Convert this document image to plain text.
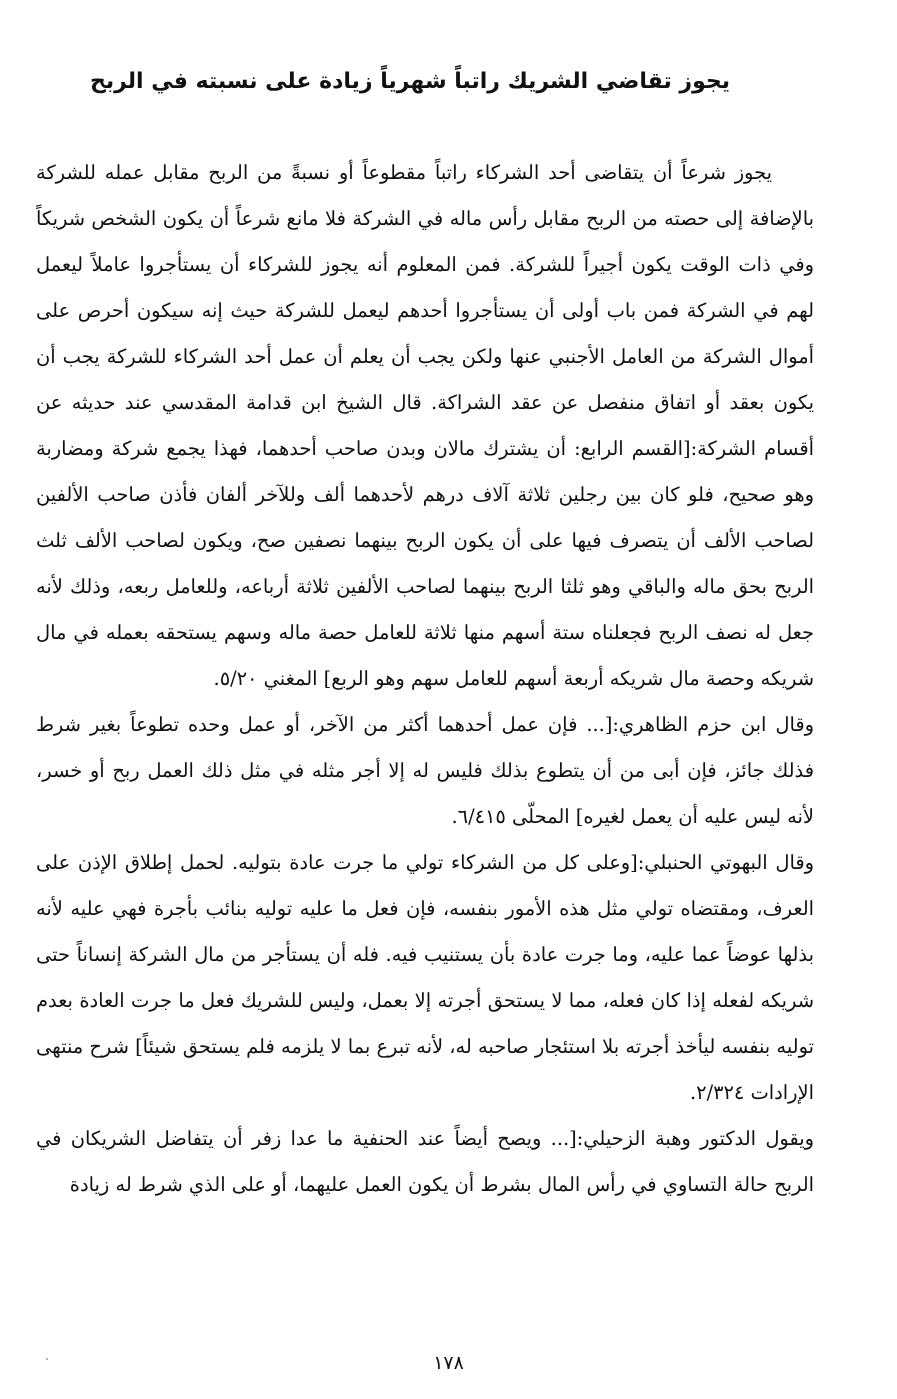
يجوز تقاضي الشريك راتباً شهرياً زيادة على نسبته في الربح

يجوز شرعاً أن يتقاضى أحد الشركاء راتباً مقطوعاً أو نسبةً من الربح مقابل عمله للشركة بالإضافة إلى حصته من الربح مقابل رأس ماله في الشركة فلا مانع شرعاً أن يكون الشخص شريكاً وفي ذات الوقت يكون أجيراً للشركة. فمن المعلوم أنه يجوز للشركاء أن يستأجروا عاملاً ليعمل لهم في الشركة فمن باب أولى أن يستأجروا أحدهم ليعمل للشركة حيث إنه سيكون أحرص على أموال الشركة من العامل الأجنبي عنها ولكن يجب أن يعلم أن عمل أحد الشركاء للشركة يجب أن يكون بعقد أو اتفاق منفصل عن عقد الشراكة. قال الشيخ ابن قدامة المقدسي عند حديثه عن أقسام الشركة:[القسم الرابع: أن يشترك مالان وبدن صاحب أحدهما، فهذا يجمع شركة ومضاربة وهو صحيح، فلو كان بين رجلين ثلاثة آلاف درهم لأحدهما ألف وللآخر ألفان فأذن صاحب الألفين لصاحب الألف أن يتصرف فيها على أن يكون الربح بينهما نصفين صح، ويكون لصاحب الألف ثلث الربح بحق ماله والباقي وهو ثلثا الربح بينهما لصاحب الألفين ثلاثة أرباعه، وللعامل ربعه، وذلك لأنه جعل له نصف الربح فجعلناه ستة أسهم منها ثلاثة للعامل حصة ماله وسهم يستحقه بعمله في مال شريكه وحصة مال شريكه أربعة أسهم للعامل سهم وهو الربع] المغني ٥/٢٠.

وقال ابن حزم الظاهري:[... فإن عمل أحدهما أكثر من الآخر، أو عمل وحده تطوعاً بغير شرط فذلك جائز، فإن أبى من أن يتطوع بذلك فليس له إلا أجر مثله في مثل ذلك العمل ربح أو خسر، لأنه ليس عليه أن يعمل لغيره] المحلّى ٦/٤١٥.

وقال البهوتي الحنبلي:[وعلى كل من الشركاء تولي ما جرت عادة بتوليه. لحمل إطلاق الإذن على العرف، ومقتضاه تولي مثل هذه الأمور بنفسه، فإن فعل ما عليه توليه بنائب بأجرة فهي عليه لأنه بذلها عوضاً عما عليه، وما جرت عادة بأن يستنيب فيه. فله أن يستأجر من مال الشركة إنساناً حتى شريكه لفعله إذا كان فعله، مما لا يستحق أجرته إلا بعمل، وليس للشريك فعل ما جرت العادة بعدم توليه بنفسه ليأخذ أجرته بلا استئجار صاحبه له، لأنه تبرع بما لا يلزمه فلم يستحق شيئاً] شرح منتهى الإرادات ٢/٣٢٤.

ويقول الدكتور وهبة الزحيلي:[... ويصح أيضاً عند الحنفية ما عدا زفر أن يتفاضل الشريكان في الربح حالة التساوي في رأس المال بشرط أن يكون العمل عليهما، أو على الذي شرط له زيادة

١٧٨
